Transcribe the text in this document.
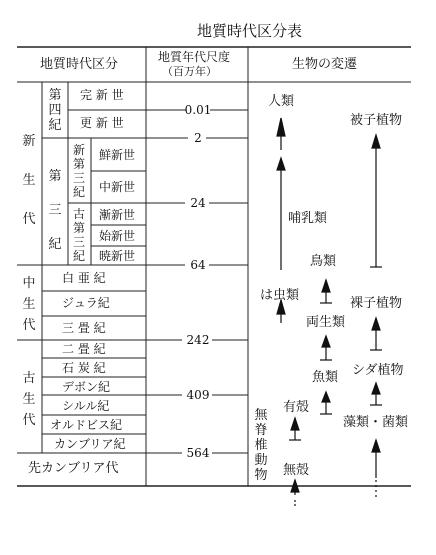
地質時代区分表
地質時代区分	地質年代尺度
（百万年）	生物の変遷
新
生
代
中
生
代
古
生
代
先カンブリア代
第
四
紀
第
三
紀
新
第
三
紀
古
第
三
紀
完 新 世
更 新 世
鮮新世
中新世
漸新世
始新世
暁新世
白 亜 紀
ジュラ紀
三 畳 紀
二 畳 紀
石 炭 紀
デボン紀
シルル紀
オルドビス紀
カンブリア紀
0.01
2
24
64
242
409
564
人類
哺乳類
鳥類
は虫類
両生類
魚類
無
脊
椎
動
物
有殻
無殻
被子植物
裸子植物
シダ植物
藻類・菌類
